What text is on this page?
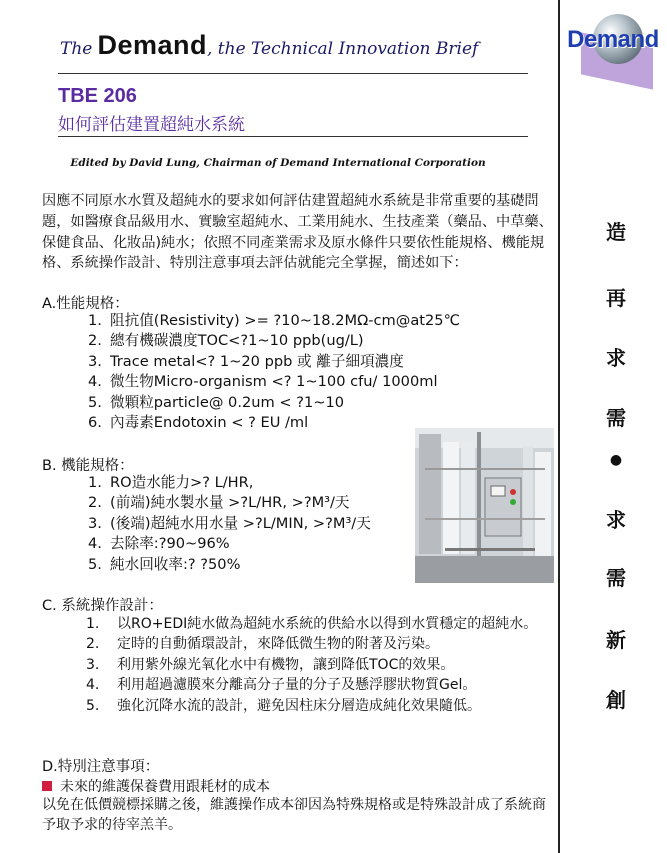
The Demand, the Technical Innovation Brief
TBE 206
如何評估建置超純水系統
Edited by David Lung, Chairman of Demand International Corporation
Demand
造
再
求
需
●
求
需
新
創
因應不同原水水質及超純水的要求如何評估建置超純水系統是非常重要的基礎問題，如醫療食品級用水、實驗室超純水、工業用純水、生技產業（藥品、中草藥、保健食品、化妝品)純水；依照不同產業需求及原水條件只要依性能規格、機能規格、系統操作設計、特別注意事項去評估就能完全掌握，簡述如下：
A.性能規格：
1. 阻抗值(Resistivity) >= ?10~18.2MΩ-cm@at25℃
2. 總有機碳濃度TOC<?1~10 ppb(ug/L)
3. Trace metal<? 1~20 ppb 或 離子細項濃度
4. 微生物Micro-organism <? 1~100 cfu/ 1000ml
5. 微顆粒particle@ 0.2um < ?1~10
6. 內毒素Endotoxin < ? EU /ml
B. 機能規格：
1. RO造水能力>? L/HR,
2. (前端)純水製水量 >?L/HR, >?M³/天
3. (後端)超純水用水量 >?L/MIN, >?M³/天
4. 去除率:?90~96%
5. 純水回收率:? ?50%
C. 系統操作設計：
1.	以RO+EDI純水做為超純水系統的供給水以得到水質穩定的超純水。
2.	定時的自動循環設計，來降低微生物的附著及污染。
3.	利用紫外線光氧化水中有機物，讓到降低TOC的效果。
4.	利用超過濾膜來分離高分子量的分子及懸浮膠狀物質Gel。
5.	強化沉降水流的設計，避免因柱床分層造成純化效果隨低。
D.特別注意事項：
未來的維護保養費用跟耗材的成本
以免在低價競標採購之後，維護操作成本卻因為特殊規格或是特殊設計成了系統商予取予求的待宰羔羊。
